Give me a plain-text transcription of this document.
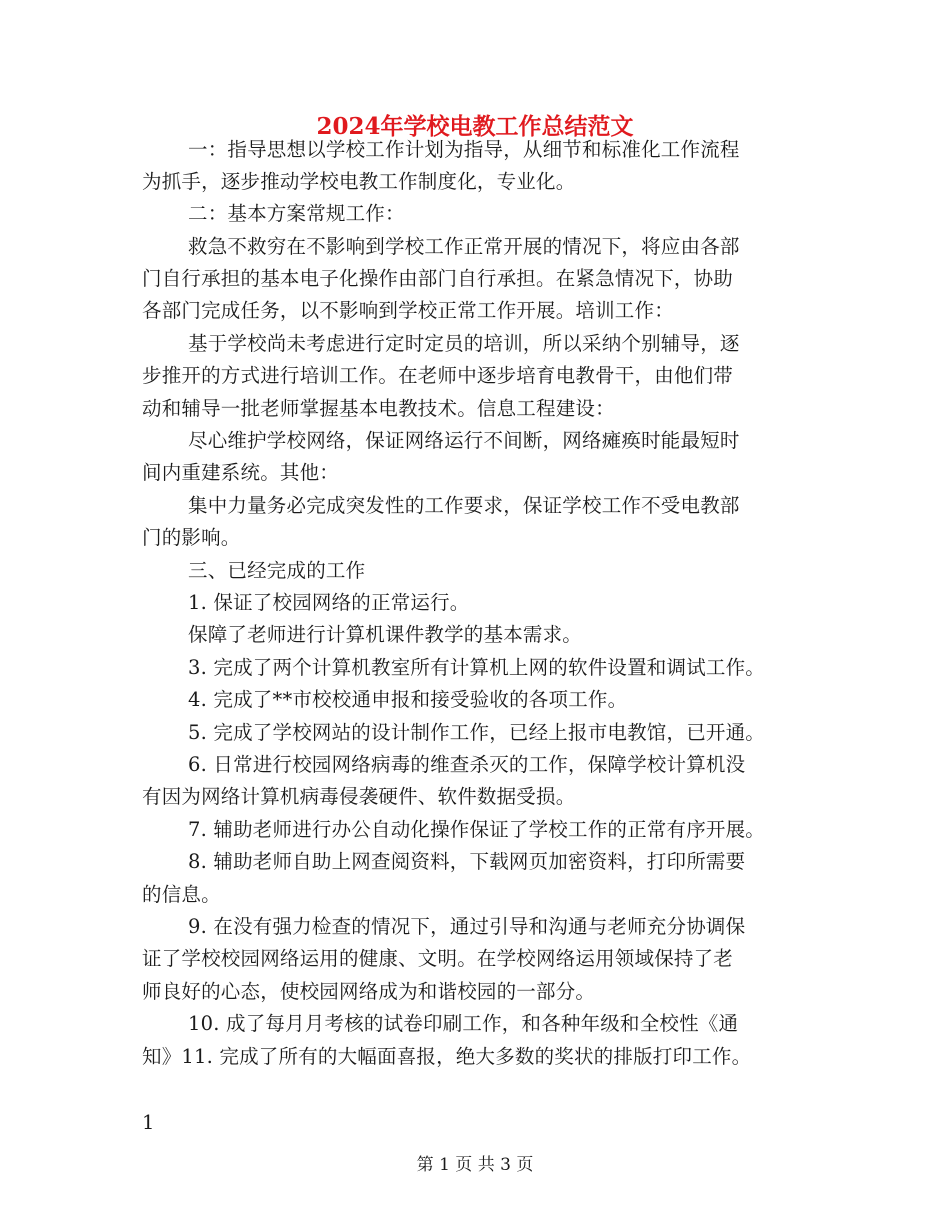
2024年学校电教工作总结范文
一：指导思想以学校工作计划为指导，从细节和标准化工作流程
为抓手，逐步推动学校电教工作制度化，专业化。
二：基本方案常规工作：
救急不救穷在不影响到学校工作正常开展的情况下，将应由各部
门自行承担的基本电子化操作由部门自行承担。在紧急情况下，协助
各部门完成任务，以不影响到学校正常工作开展。培训工作：
基于学校尚未考虑进行定时定员的培训，所以采纳个别辅导，逐
步推开的方式进行培训工作。在老师中逐步培育电教骨干，由他们带
动和辅导一批老师掌握基本电教技术。信息工程建设：
尽心维护学校网络，保证网络运行不间断，网络瘫痪时能最短时
间内重建系统。其他：
集中力量务必完成突发性的工作要求，保证学校工作不受电教部
门的影响。
三、已经完成的工作
1. 保证了校园网络的正常运行。
保障了老师进行计算机课件教学的基本需求。
3. 完成了两个计算机教室所有计算机上网的软件设置和调试工作。
4. 完成了**市校校通申报和接受验收的各项工作。
5. 完成了学校网站的设计制作工作，已经上报市电教馆，已开通。
6. 日常进行校园网络病毒的维查杀灭的工作，保障学校计算机没
有因为网络计算机病毒侵袭硬件、软件数据受损。
7. 辅助老师进行办公自动化操作保证了学校工作的正常有序开展。
8. 辅助老师自助上网查阅资料，下载网页加密资料，打印所需要
的信息。
9. 在没有强力检查的情况下，通过引导和沟通与老师充分协调保
证了学校校园网络运用的健康、文明。在学校网络运用领域保持了老
师良好的心态，使校园网络成为和谐校园的一部分。
10. 成了每月月考核的试卷印刷工作，和各种年级和全校性《通
知》11. 完成了所有的大幅面喜报，绝大多数的奖状的排版打印工作。
1
第 1 页 共 3 页
